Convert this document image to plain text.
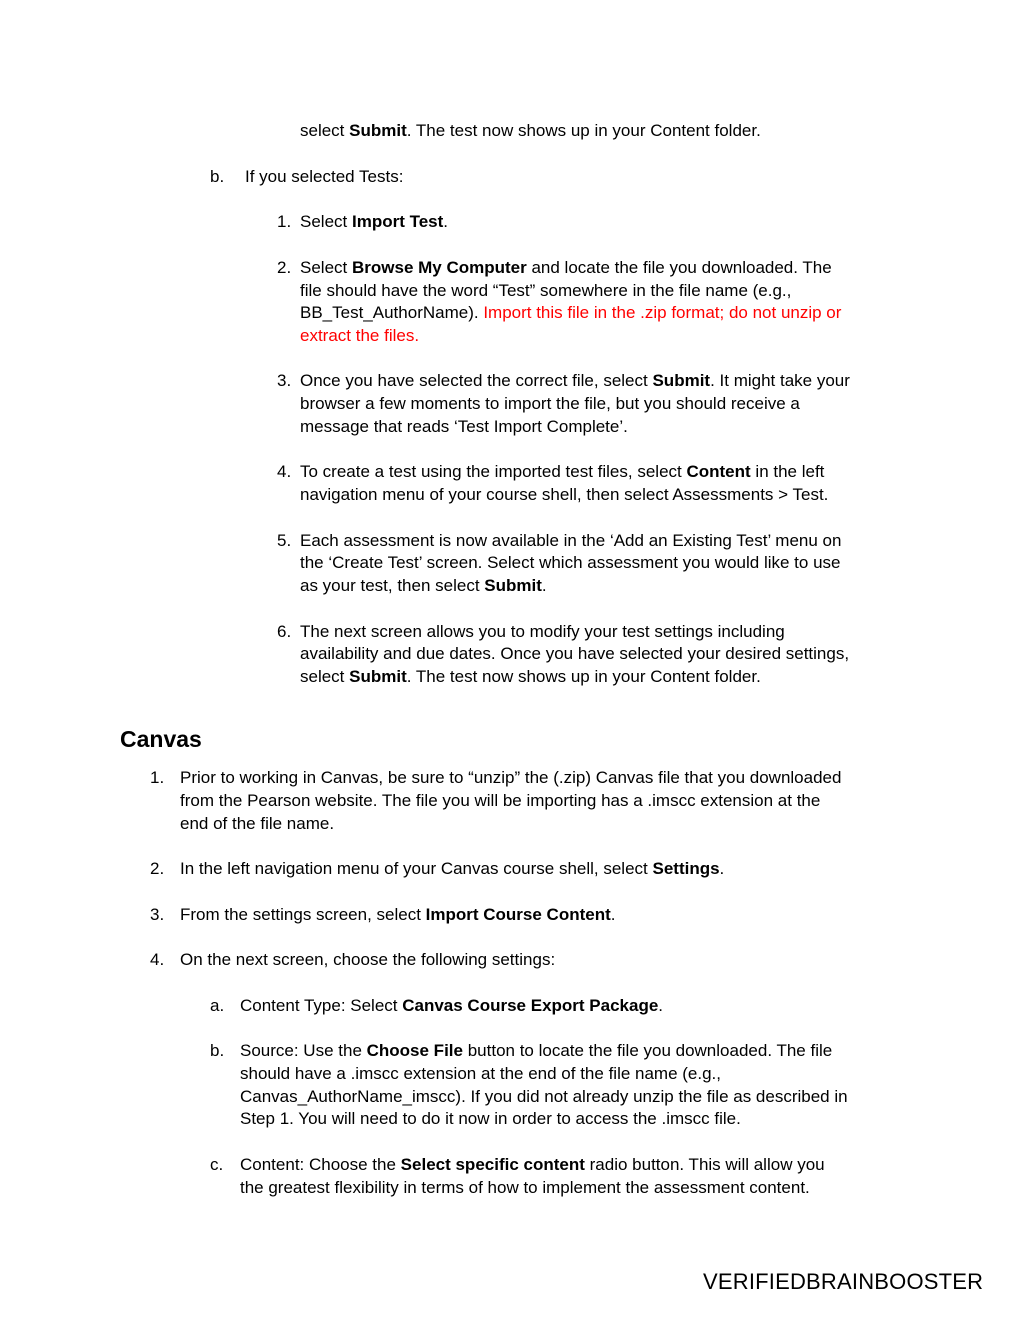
select Submit. The test now shows up in your Content folder.
b. If you selected Tests:
1. Select Import Test.
2. Select Browse My Computer and locate the file you downloaded. The
file should have the word “Test” somewhere in the file name (e.g.,
BB_Test_AuthorName). Import this file in the .zip format; do not unzip or
extract the files.
3. Once you have selected the correct file, select Submit. It might take your
browser a few moments to import the file, but you should receive a
message that reads ‘Test Import Complete’.
4. To create a test using the imported test files, select Content in the left
navigation menu of your course shell, then select Assessments > Test.
5. Each assessment is now available in the ‘Add an Existing Test’ menu on
the ‘Create Test’ screen. Select which assessment you would like to use
as your test, then select Submit.
6. The next screen allows you to modify your test settings including
availability and due dates. Once you have selected your desired settings,
select Submit. The test now shows up in your Content folder.
Canvas
1. Prior to working in Canvas, be sure to “unzip” the (.zip) Canvas file that you downloaded
from the Pearson website. The file you will be importing has a .imscc extension at the
end of the file name.
2. In the left navigation menu of your Canvas course shell, select Settings.
3. From the settings screen, select Import Course Content.
4. On the next screen, choose the following settings:
a. Content Type: Select Canvas Course Export Package.
b. Source: Use the Choose File button to locate the file you downloaded. The file
should have a .imscc extension at the end of the file name (e.g.,
Canvas_AuthorName_imscc). If you did not already unzip the file as described in
Step 1. You will need to do it now in order to access the .imscc file.
c. Content: Choose the Select specific content radio button. This will allow you
the greatest flexibility in terms of how to implement the assessment content.
VERIFIEDBRAINBOOSTER
